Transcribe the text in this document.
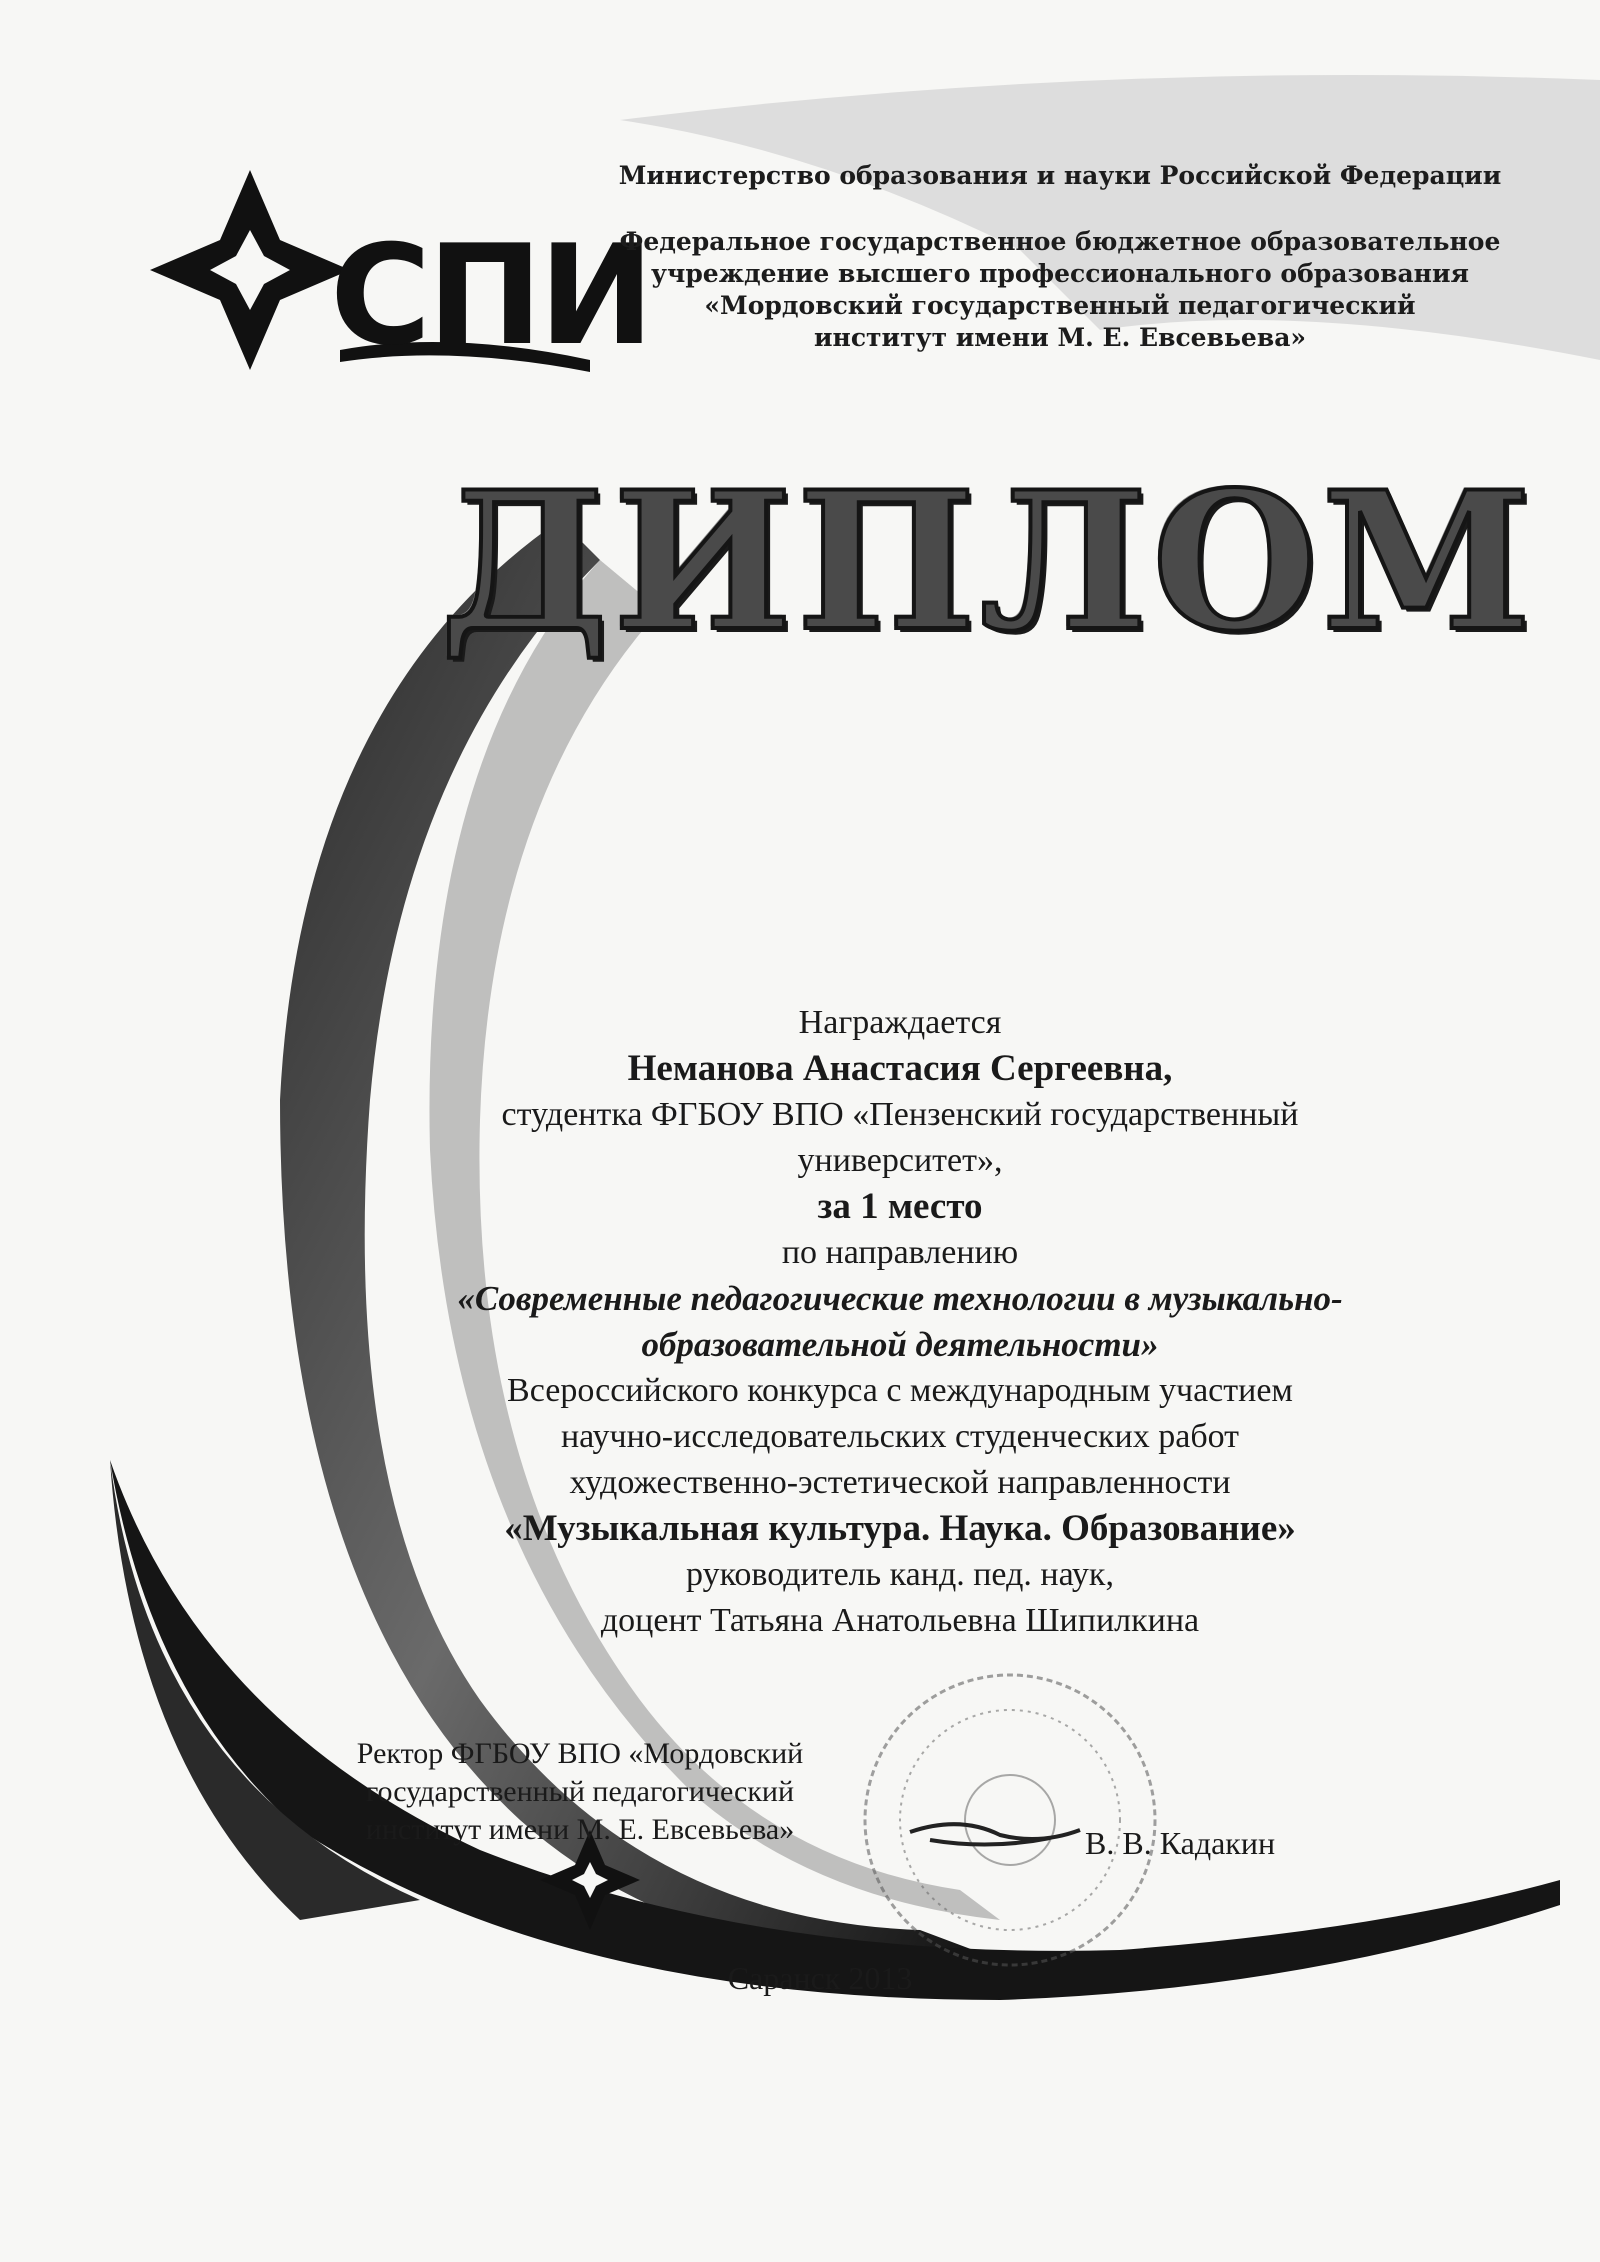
СПИ
Министерство образования и науки Российской Федерации
Федеральное государственное бюджетное образовательное
учреждение высшего профессионального образования
«Мордовский государственный педагогический
институт имени М. Е. Евсевьева»
ДИПЛОМ
Награждается
Неманова Анастасия Сергеевна,
студентка ФГБОУ ВПО «Пензенский государственный
университет»,
за 1 место
по направлению
«Современные педагогические технологии в музыкально-
образовательной деятельности»
Всероссийского конкурса с международным участием
научно-исследовательских студенческих работ
художественно-эстетической направленности
«Музыкальная культура. Наука. Образование»
руководитель канд. пед. наук,
доцент Татьяна Анатольевна Шипилкина
Ректор ФГБОУ ВПО «Мордовский
государственный педагогический
институт имени М. Е. Евсевьева»	В. В. Кадакин
Саранск 2013
